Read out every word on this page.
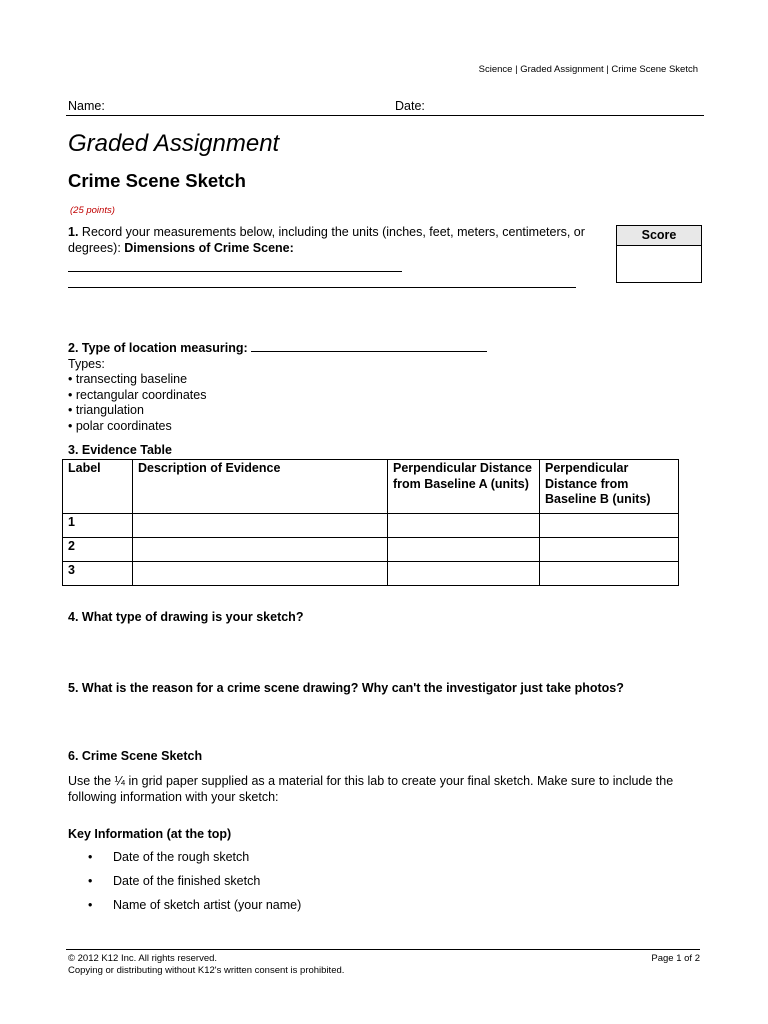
Science | Graded Assignment | Crime Scene Sketch
Name:	Date:
Graded Assignment
Crime Scene Sketch
(25 points)
1. Record your measurements below, including the units (inches, feet, meters, centimeters, or degrees): Dimensions of Crime Scene:
Score
2. Type of location measuring:
Types:
• transecting baseline
• rectangular coordinates
• triangulation
• polar coordinates
3. Evidence Table
Label	Description of Evidence	Perpendicular Distance from Baseline A (units)	Perpendicular Distance from Baseline B (units)
1			
2			
3			
4. What type of drawing is your sketch?
5. What is the reason for a crime scene drawing? Why can't the investigator just take photos?
6. Crime Scene Sketch
Use the ¼ in grid paper supplied as a material for this lab to create your final sketch. Make sure to include the following information with your sketch:
Key Information (at the top)
•	Date of the rough sketch
•	Date of the finished sketch
•	Name of sketch artist (your name)
© 2012 K12 Inc. All rights reserved.
Copying or distributing without K12's written consent is prohibited.
Page 1 of 2
